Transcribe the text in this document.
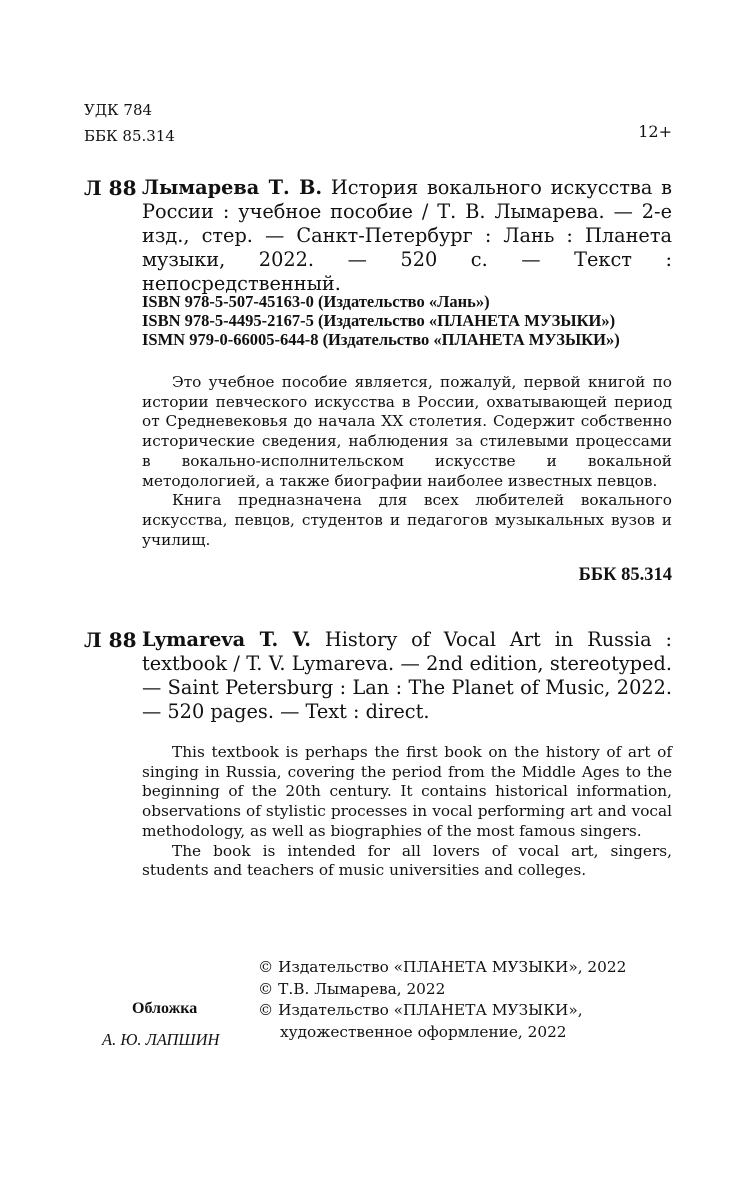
УДК 784
ББК 85.314	12+
Л 88 Лымарева Т. В. История вокального искусства в России : учебное пособие / Т. В. Лымарева. — 2-е изд., стер. — Санкт-Петербург : Лань : Планета музыки, 2022. — 520 с. — Текст : непосредственный.
ISBN 978-5-507-45163-0 (Издательство «Лань»)
ISBN 978-5-4495-2167-5 (Издательство «ПЛАНЕТА МУЗЫКИ»)
ISMN 979-0-66005-644-8 (Издательство «ПЛАНЕТА МУЗЫКИ»)

Это учебное пособие является, пожалуй, первой книгой по истории певческого искусства в России, охватывающей период от Средневековья до начала XX столетия. Содержит собственно исторические сведения, наблюдения за стилевыми процессами в вокально-исполнительском искусстве и вокальной методологией, а также биографии наиболее известных певцов.

Книга предназначена для всех любителей вокального искусства, певцов, студентов и педагогов музыкальных вузов и училищ.

ББК 85.314
Л 88 Lymareva T. V. History of Vocal Art in Russia : textbook / T. V. Lymareva. — 2nd edition, stereotyped. — Saint Petersburg : Lan : The Planet of Music, 2022. — 520 pages. — Text : direct.

This textbook is perhaps the first book on the history of art of singing in Russia, covering the period from the Middle Ages to the beginning of the 20th century. It contains historical information, observations of stylistic processes in vocal performing art and vocal methodology, as well as biographies of the most famous singers.

The book is intended for all lovers of vocal art, singers, students and teachers of music universities and colleges.

Обложка
А. Ю. ЛАПШИН
© Издательство «ПЛАНЕТА МУЗЫКИ», 2022
© Т.В. Лымарева, 2022
© Издательство «ПЛАНЕТА МУЗЫКИ», художественное оформление, 2022
